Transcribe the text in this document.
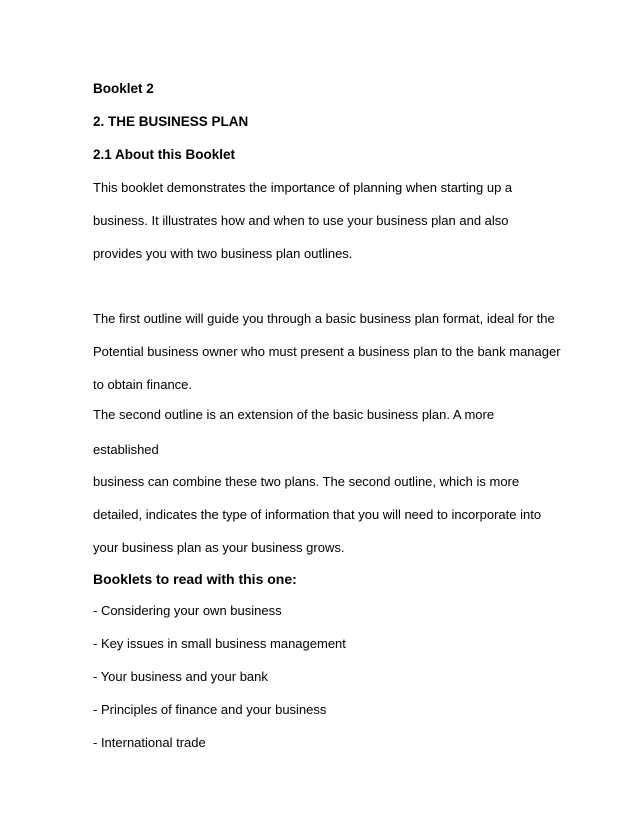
Booklet 2
2. THE BUSINESS PLAN
2.1 About this Booklet
This booklet demonstrates the importance of planning when starting up a
business. It illustrates how and when to use your business plan and also
provides you with two business plan outlines.
The first outline will guide you through a basic business plan format, ideal for the
Potential business owner who must present a business plan to the bank manager
to obtain finance.
The second outline is an extension of the basic business plan. A more
established
business can combine these two plans. The second outline, which is more
detailed, indicates the type of information that you will need to incorporate into
your business plan as your business grows.
Booklets to read with this one:
- Considering your own business
- Key issues in small business management
- Your business and your bank
- Principles of finance and your business
- International trade
